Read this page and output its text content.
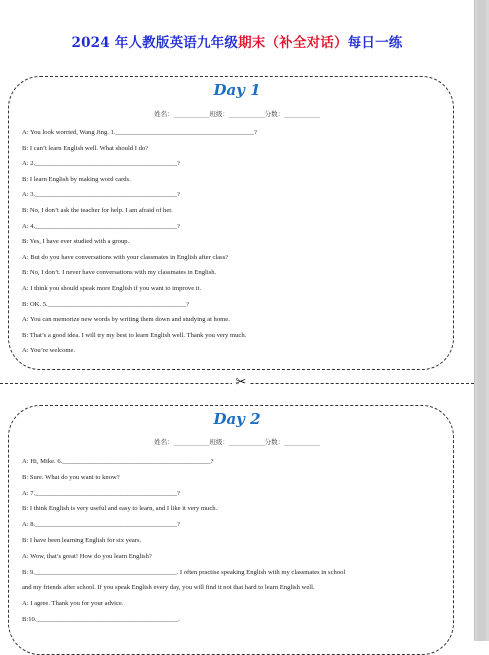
2024 年人教版英语九年级期末（补全对话）每日一练
Day 1
姓名：___________班级：___________分数：___________
A: You look worried, Wang Jing. 1.__________________________________________?
B: I can’t learn English well. What should I do?
A: 2.___________________________________________?
B: I learn English by making word cards.
A: 3.___________________________________________?
B: No, I don’t ask the teacher for help. I am afraid of her.
A: 4.___________________________________________?
B: Yes, I have ever studied with a group.
A: But do you have conversations with your classmates in English after class?
B: No, I don’t. I never have conversations with my classmates in English.
A: I think you should speak more English if you want to improve it.
B: OK. 5.__________________________________________?
A: You can memorize new words by writing them down and studying at home.
B: That’s a good idea. I will try my best to learn English well. Thank you very much.
A: You’re welcome.
✂
Day 2
姓名：___________班级：___________分数：___________
A: Hi, Mike. 6._____________________________________________?
B: Sure. What do you want to know?
A: 7.___________________________________________?
B: I think English is very useful and easy to learn, and I like it very much.
A: 8.___________________________________________?
B: I have been learning English for six years.
A: Wow, that’s great! How do you learn English?
B: 9.___________________________________________. I often practise speaking English with my classmates in school
and my friends after school. If you speak English every day, you will find it not that hard to learn English well.
A: I agree. Thank you for your advice.
B:10.___________________________________________.
